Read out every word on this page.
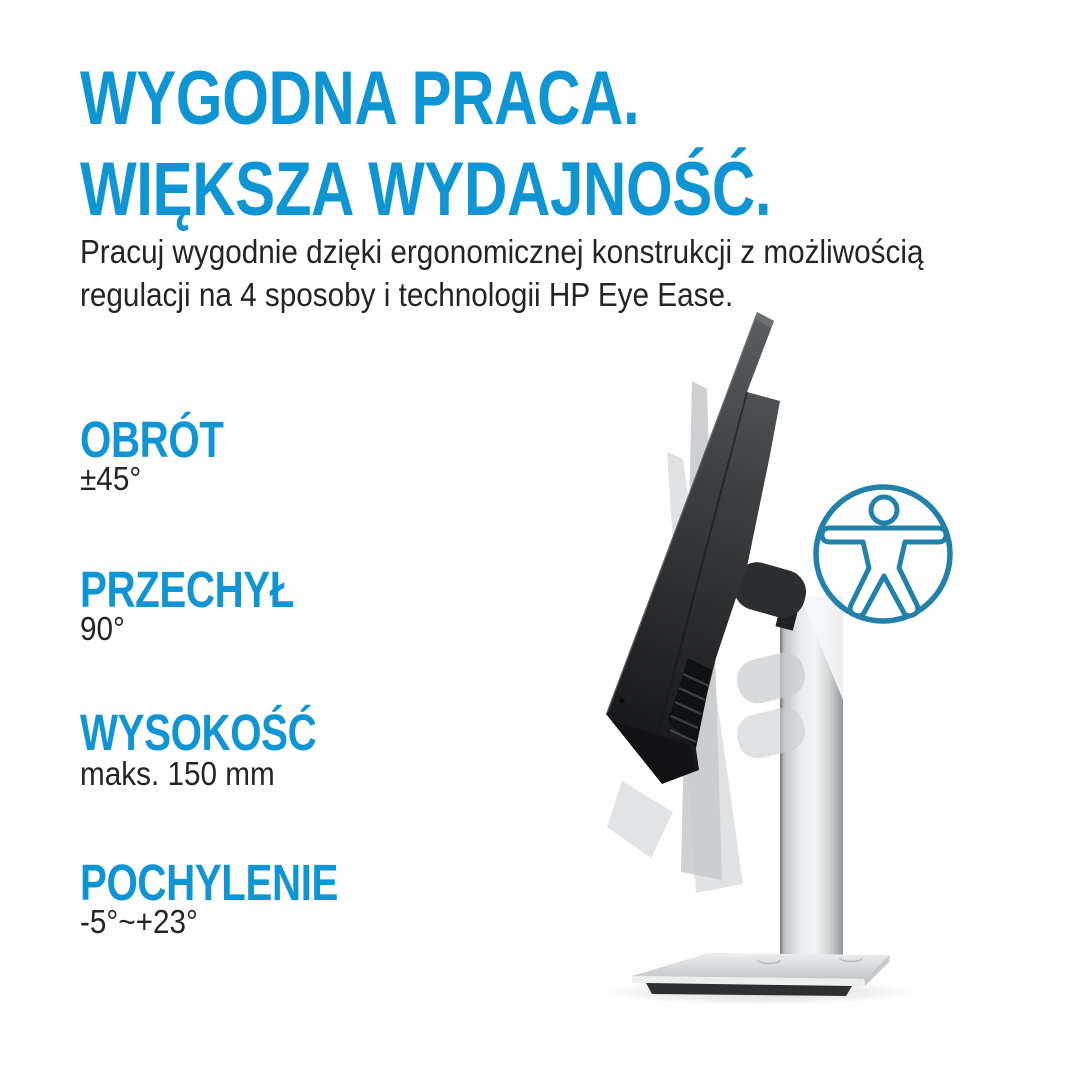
WYGODNA PRACA.
WIĘKSZA WYDAJNOŚĆ.
Pracuj wygodnie dzięki ergonomicznej konstrukcji z możliwością
regulacji na 4 sposoby i technologii HP Eye Ease.
OBRÓT
±45°
PRZECHYŁ
90°
WYSOKOŚĆ
maks. 150 mm
POCHYLENIE
-5°~+23°
